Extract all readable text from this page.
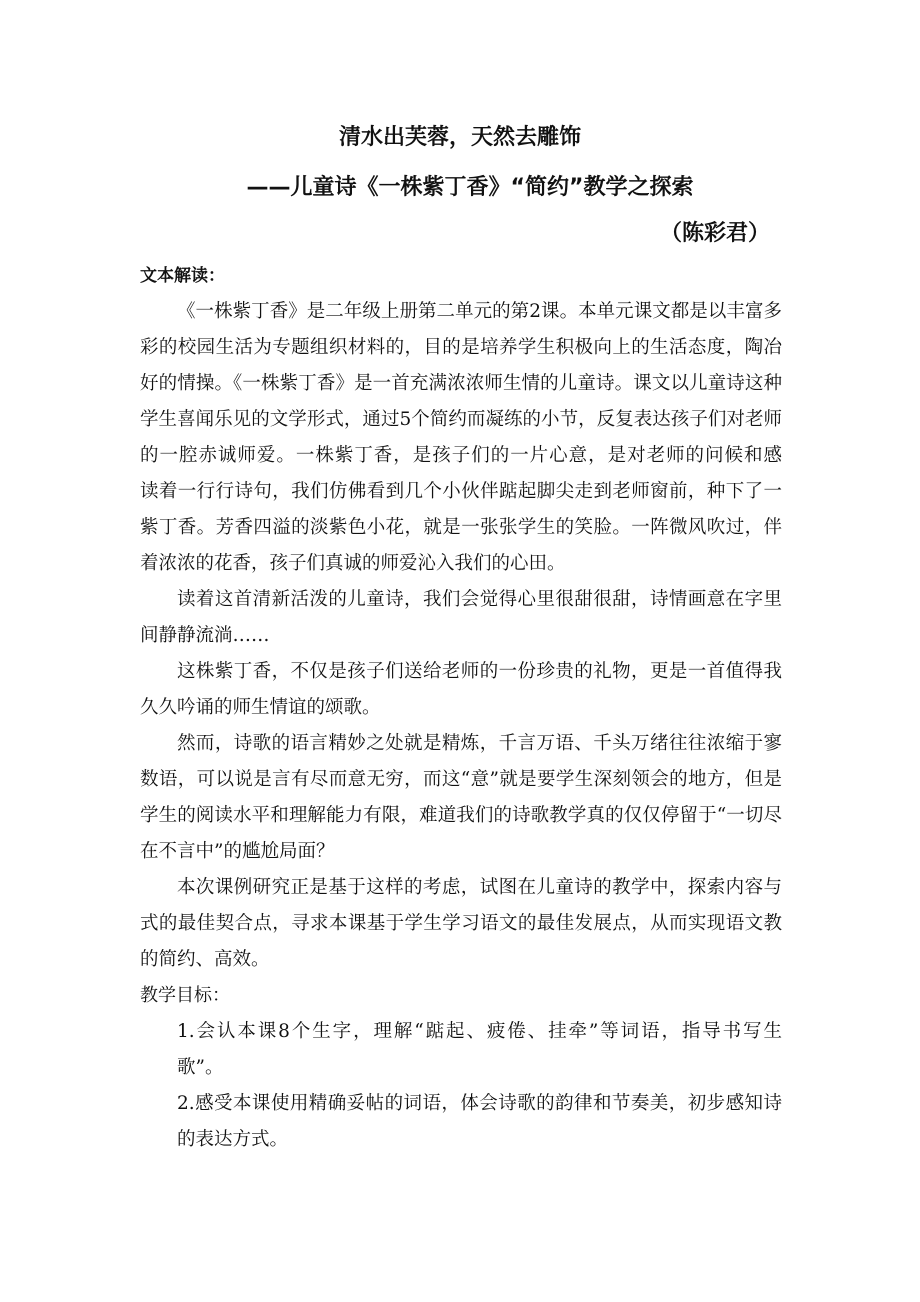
清水出芙蓉，天然去雕饰
——儿童诗《一株紫丁香》“简约”教学之探索
（陈彩君）
文本解读：
《一株紫丁香》是二年级上册第二单元的第2课。本单元课文都是以丰富多
彩的校园生活为专题组织材料的，目的是培养学生积极向上的生活态度，陶冶
好的情操。《一株紫丁香》是一首充满浓浓师生情的儿童诗。课文以儿童诗这种
学生喜闻乐见的文学形式，通过5个简约而凝练的小节，反复表达孩子们对老师
的一腔赤诚师爱。一株紫丁香，是孩子们的一片心意，是对老师的问候和感
读着一行行诗句，我们仿佛看到几个小伙伴踮起脚尖走到老师窗前，种下了一
紫丁香。芳香四溢的淡紫色小花，就是一张张学生的笑脸。一阵微风吹过，伴
着浓浓的花香，孩子们真诚的师爱沁入我们的心田。
读着这首清新活泼的儿童诗，我们会觉得心里很甜很甜，诗情画意在字里
间静静流淌……
这株紫丁香，不仅是孩子们送给老师的一份珍贵的礼物，更是一首值得我
久久吟诵的师生情谊的颂歌。
然而，诗歌的语言精妙之处就是精炼，千言万语、千头万绪往往浓缩于寥
数语，可以说是言有尽而意无穷，而这“意”就是要学生深刻领会的地方，但是
学生的阅读水平和理解能力有限，难道我们的诗歌教学真的仅仅停留于“一切尽
在不言中”的尴尬局面？
本次课例研究正是基于这样的考虑，试图在儿童诗的教学中，探索内容与
式的最佳契合点，寻求本课基于学生学习语文的最佳发展点，从而实现语文教
的简约、高效。
教学目标：
1.会认本课8个生字，理解“踮起、疲倦、挂牵”等词语，指导书写生
歌”。
2.感受本课使用精确妥帖的词语，体会诗歌的韵律和节奏美，初步感知诗
的表达方式。
